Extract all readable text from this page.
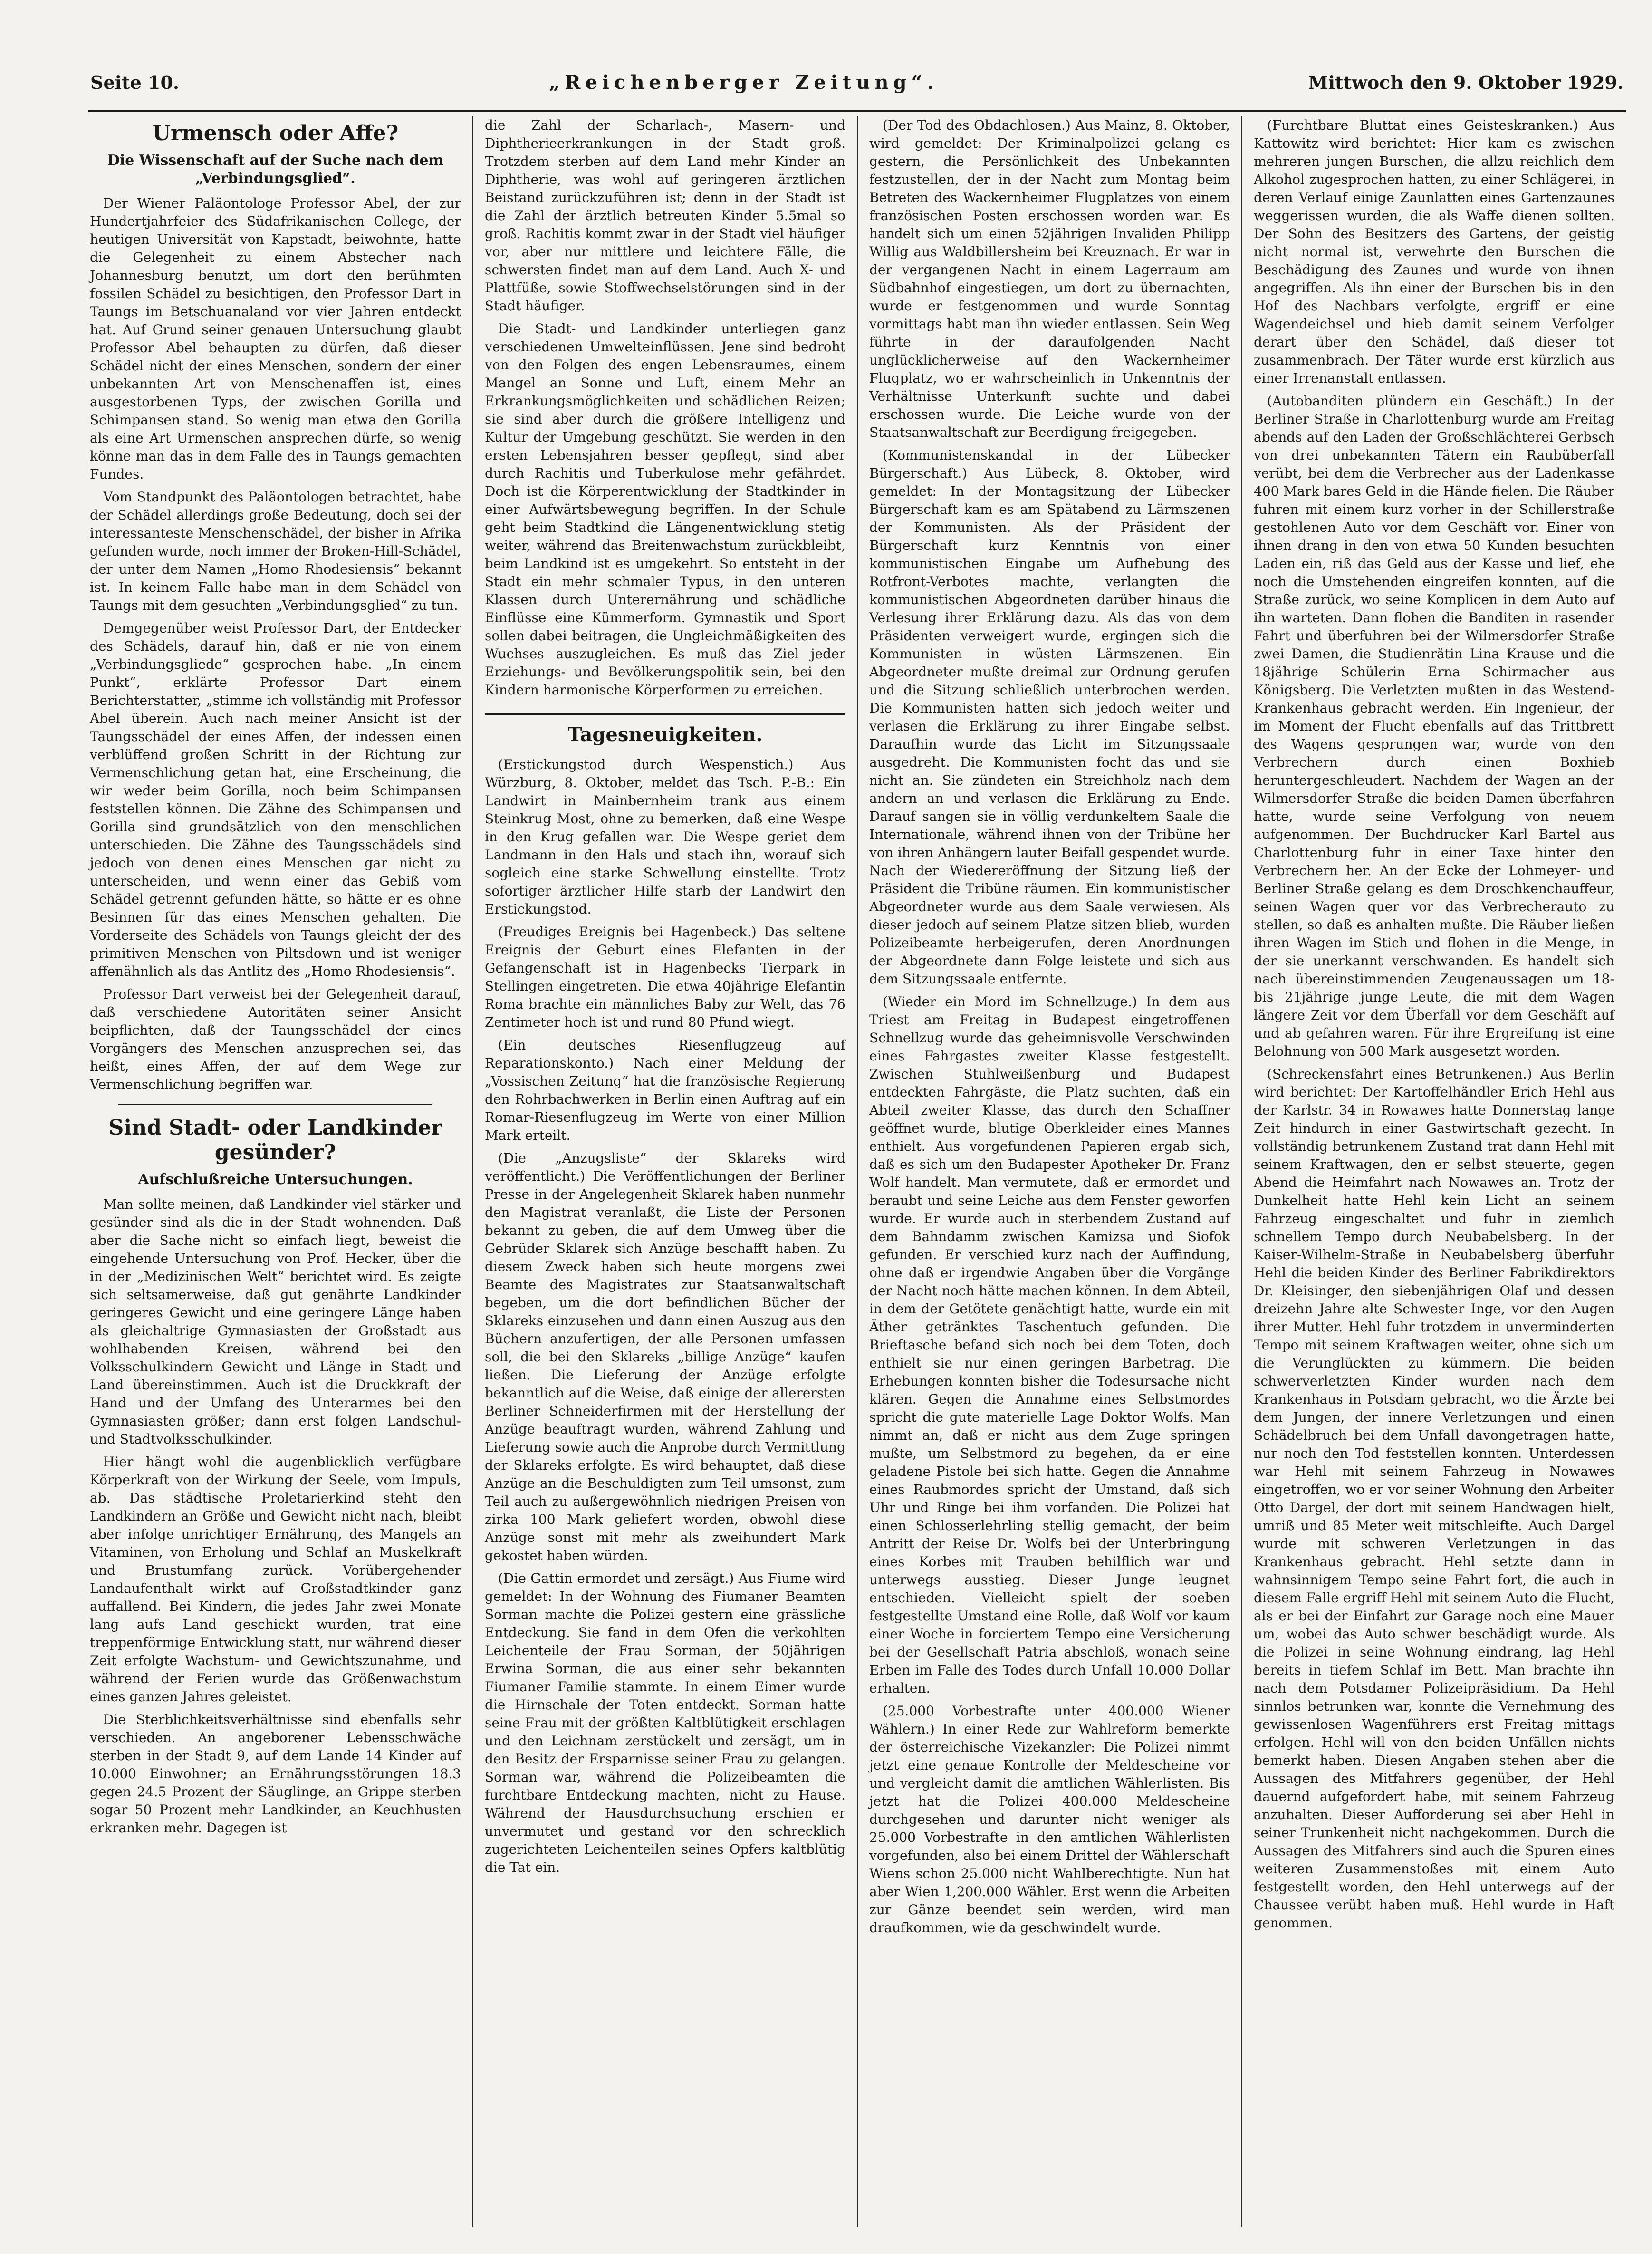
Seite 10.	„Reichenberger Zeitung“.	Mittwoch den 9. Oktober 1929.
Urmensch oder Affe?
Die Wissenschaft auf der Suche nach dem „Verbindungsglied“.

Der Wiener Paläontologe Professor Abel, der zur Hundertjahrfeier des Südafrikanischen College, der heutigen Universität von Kapstadt, beiwohnte, hatte die Gelegenheit zu einem Abstecher nach Johannesburg benutzt, um dort den berühmten fossilen Schädel zu besichtigen, den Professor Dart in Taungs im Betschuanaland vor vier Jahren entdeckt hat. Auf Grund seiner genauen Untersuchung glaubt Professor Abel behaupten zu dürfen, daß dieser Schädel nicht der eines Menschen, sondern der einer unbekannten Art von Menschenaffen ist, eines ausgestorbenen Typs, der zwischen Gorilla und Schimpansen stand. So wenig man etwa den Gorilla als eine Art Urmenschen ansprechen dürfe, so wenig könne man das in dem Falle des in Taungs gemachten Fundes.

Vom Standpunkt des Paläontologen betrachtet, habe der Schädel allerdings große Bedeutung, doch sei der interessanteste Menschenschädel, der bisher in Afrika gefunden wurde, noch immer der Broken-Hill-Schädel, der unter dem Namen „Homo Rhodesiensis“ bekannt ist. In keinem Falle habe man in dem Schädel von Taungs mit dem gesuchten „Verbindungsglied“ zu tun.

Demgegenüber weist Professor Dart, der Entdecker des Schädels, darauf hin, daß er nie von einem „Verbindungsgliede“ gesprochen habe. „In einem Punkt“, erklärte Professor Dart einem Berichterstatter, „stimme ich vollständig mit Professor Abel überein. Auch nach meiner Ansicht ist der Taungsschädel der eines Affen, der indessen einen verblüffend großen Schritt in der Richtung zur Vermenschlichung getan hat, eine Erscheinung, die wir weder beim Gorilla, noch beim Schimpansen feststellen können. Die Zähne des Schimpansen und Gorilla sind grundsätzlich von den menschlichen unterschieden. Die Zähne des Taungsschädels sind jedoch von denen eines Menschen gar nicht zu unterscheiden, und wenn einer das Gebiß vom Schädel getrennt gefunden hätte, so hätte er es ohne Besinnen für das eines Menschen gehalten. Die Vorderseite des Schädels von Taungs gleicht der des primitiven Menschen von Piltsdown und ist weniger affenähnlich als das Antlitz des „Homo Rhodesiensis“.

Professor Dart verweist bei der Gelegenheit darauf, daß verschiedene Autoritäten seiner Ansicht beipflichten, daß der Taungsschädel der eines Vorgängers des Menschen anzusprechen sei, das heißt, eines Affen, der auf dem Wege zur Vermenschlichung begriffen war.

Sind Stadt- oder Landkinder gesünder?
Aufschlußreiche Untersuchungen.

Man sollte meinen, daß Landkinder viel stärker und gesünder sind als die in der Stadt wohnenden. Daß aber die Sache nicht so einfach liegt, beweist die eingehende Untersuchung von Prof. Hecker, über die in der „Medizinischen Welt“ berichtet wird. Es zeigte sich seltsamerweise, daß gut genährte Landkinder geringeres Gewicht und eine geringere Länge haben als gleichaltrige Gymnasiasten der Großstadt aus wohlhabenden Kreisen, während bei den Volksschulkindern Gewicht und Länge in Stadt und Land übereinstimmen. Auch ist die Druckkraft der Hand und der Umfang des Unterarmes bei den Gymnasiasten größer; dann erst folgen Landschul- und Stadtvolksschulkinder.

Hier hängt wohl die augenblicklich verfügbare Körperkraft von der Wirkung der Seele, vom Impuls, ab. Das städtische Proletarierkind steht den Landkindern an Größe und Gewicht nicht nach, bleibt aber infolge unrichtiger Ernährung, des Mangels an Vitaminen, von Erholung und Schlaf an Muskelkraft und Brustumfang zurück. Vorübergehender Landaufenthalt wirkt auf Großstadtkinder ganz auffallend. Bei Kindern, die jedes Jahr zwei Monate lang aufs Land geschickt wurden, trat eine treppenförmige Entwicklung statt, nur während dieser Zeit erfolgte Wachstum- und Gewichtszunahme, und während der Ferien wurde das Größenwachstum eines ganzen Jahres geleistet.

Die Sterblichkeitsverhältnisse sind ebenfalls sehr verschieden. An angeborener Lebensschwäche sterben in der Stadt 9, auf dem Lande 14 Kinder auf 10.000 Einwohner; an Ernährungsstörungen 18.3 gegen 24.5 Prozent der Säuglinge, an Grippe sterben sogar 50 Prozent mehr Landkinder, an Keuchhusten erkranken mehr. Dagegen ist

die Zahl der Scharlach-, Masern- und Diphtherieerkrankungen in der Stadt groß. Trotzdem sterben auf dem Land mehr Kinder an Diphtherie, was wohl auf geringeren ärztlichen Beistand zurückzuführen ist; denn in der Stadt ist die Zahl der ärztlich betreuten Kinder 5.5mal so groß. Rachitis kommt zwar in der Stadt viel häufiger vor, aber nur mittlere und leichtere Fälle, die schwersten findet man auf dem Land. Auch X- und Plattfüße, sowie Stoffwechselstörungen sind in der Stadt häufiger.

Die Stadt- und Landkinder unterliegen ganz verschiedenen Umwelteinflüssen. Jene sind bedroht von den Folgen des engen Lebensraumes, einem Mangel an Sonne und Luft, einem Mehr an Erkrankungsmöglichkeiten und schädlichen Reizen; sie sind aber durch die größere Intelligenz und Kultur der Umgebung geschützt. Sie werden in den ersten Lebensjahren besser gepflegt, sind aber durch Rachitis und Tuberkulose mehr gefährdet. Doch ist die Körperentwicklung der Stadtkinder in einer Aufwärtsbewegung begriffen. In der Schule geht beim Stadtkind die Längenentwicklung stetig weiter, während das Breitenwachstum zurückbleibt, beim Landkind ist es umgekehrt. So entsteht in der Stadt ein mehr schmaler Typus, in den unteren Klassen durch Unterernährung und schädliche Einflüsse eine Kümmerform. Gymnastik und Sport sollen dabei beitragen, die Ungleichmäßigkeiten des Wuchses auszugleichen. Es muß das Ziel jeder Erziehungs- und Bevölkerungspolitik sein, bei den Kindern harmonische Körperformen zu erreichen.

Tagesneuigkeiten.

(Erstickungstod durch Wespenstich.) Aus Würzburg, 8. Oktober, meldet das Tsch. P.-B.: Ein Landwirt in Mainbernheim trank aus einem Steinkrug Most, ohne zu bemerken, daß eine Wespe in den Krug gefallen war. Die Wespe geriet dem Landmann in den Hals und stach ihn, worauf sich sogleich eine starke Schwellung einstellte. Trotz sofortiger ärztlicher Hilfe starb der Landwirt den Erstickungstod.

(Freudiges Ereignis bei Hagenbeck.) Das seltene Ereignis der Geburt eines Elefanten in der Gefangenschaft ist in Hagenbecks Tierpark in Stellingen eingetreten. Die etwa 40jährige Elefantin Roma brachte ein männliches Baby zur Welt, das 76 Zentimeter hoch ist und rund 80 Pfund wiegt.

(Ein deutsches Riesenflugzeug auf Reparationskonto.) Nach einer Meldung der „Vossischen Zeitung“ hat die französische Regierung den Rohrbachwerken in Berlin einen Auftrag auf ein Romar-Riesenflugzeug im Werte von einer Million Mark erteilt.

(Die „Anzugsliste“ der Sklareks wird veröffentlicht.) Die Veröffentlichungen der Berliner Presse in der Angelegenheit Sklarek haben nunmehr den Magistrat veranlaßt, die Liste der Personen bekannt zu geben, die auf dem Umweg über die Gebrüder Sklarek sich Anzüge beschafft haben. Zu diesem Zweck haben sich heute morgens zwei Beamte des Magistrates zur Staatsanwaltschaft begeben, um die dort befindlichen Bücher der Sklareks einzusehen und dann einen Auszug aus den Büchern anzufertigen, der alle Personen umfassen soll, die bei den Sklareks „billige Anzüge“ kaufen ließen. Die Lieferung der Anzüge erfolgte bekanntlich auf die Weise, daß einige der allerersten Berliner Schneiderfirmen mit der Herstellung der Anzüge beauftragt wurden, während Zahlung und Lieferung sowie auch die Anprobe durch Vermittlung der Sklareks erfolgte. Es wird behauptet, daß diese Anzüge an die Beschuldigten zum Teil umsonst, zum Teil auch zu außergewöhnlich niedrigen Preisen von zirka 100 Mark geliefert worden, obwohl diese Anzüge sonst mit mehr als zweihundert Mark gekostet haben würden.

(Die Gattin ermordet und zersägt.) Aus Fiume wird gemeldet: In der Wohnung des Fiumaner Beamten Sorman machte die Polizei gestern eine grässliche Entdeckung. Sie fand in dem Ofen die verkohlten Leichenteile der Frau Sorman, der 50jährigen Erwina Sorman, die aus einer sehr bekannten Fiumaner Familie stammte. In einem Eimer wurde die Hirnschale der Toten entdeckt. Sorman hatte seine Frau mit der größten Kaltblütigkeit erschlagen und den Leichnam zerstückelt und zersägt, um in den Besitz der Ersparnisse seiner Frau zu gelangen. Sorman war, während die Polizeibeamten die furchtbare Entdeckung machten, nicht zu Hause. Während der Hausdurchsuchung erschien er unvermutet und gestand vor den schrecklich zugerichteten Leichenteilen seines Opfers kaltblütig die Tat ein.

(Der Tod des Obdachlosen.) Aus Mainz, 8. Oktober, wird gemeldet: Der Kriminalpolizei gelang es gestern, die Persönlichkeit des Unbekannten festzustellen, der in der Nacht zum Montag beim Betreten des Wackernheimer Flugplatzes von einem französischen Posten erschossen worden war. Es handelt sich um einen 52jährigen Invaliden Philipp Willig aus Waldbillersheim bei Kreuznach. Er war in der vergangenen Nacht in einem Lagerraum am Südbahnhof eingestiegen, um dort zu übernachten, wurde er festgenommen und wurde Sonntag vormittags habt man ihn wieder entlassen. Sein Weg führte in der daraufolgenden Nacht unglücklicherweise auf den Wackernheimer Flugplatz, wo er wahrscheinlich in Unkenntnis der Verhältnisse Unterkunft suchte und dabei erschossen wurde. Die Leiche wurde von der Staatsanwaltschaft zur Beerdigung freigegeben.

(Kommunistenskandal in der Lübecker Bürgerschaft.) Aus Lübeck, 8. Oktober, wird gemeldet: In der Montagsitzung der Lübecker Bürgerschaft kam es am Spätabend zu Lärmszenen der Kommunisten. Als der Präsident der Bürgerschaft kurz Kenntnis von einer kommunistischen Eingabe um Aufhebung des Rotfront-Verbotes machte, verlangten die kommunistischen Abgeordneten darüber hinaus die Verlesung ihrer Erklärung dazu. Als das von dem Präsidenten verweigert wurde, ergingen sich die Kommunisten in wüsten Lärmszenen. Ein Abgeordneter mußte dreimal zur Ordnung gerufen und die Sitzung schließlich unterbrochen werden. Die Kommunisten hatten sich jedoch weiter und verlasen die Erklärung zu ihrer Eingabe selbst. Daraufhin wurde das Licht im Sitzungssaale ausgedreht. Die Kommunisten focht das und sie nicht an. Sie zündeten ein Streichholz nach dem andern an und verlasen die Erklärung zu Ende. Darauf sangen sie in völlig verdunkeltem Saale die Internationale, während ihnen von der Tribüne her von ihren Anhängern lauter Beifall gespendet wurde. Nach der Wiedereröffnung der Sitzung ließ der Präsident die Tribüne räumen. Ein kommunistischer Abgeordneter wurde aus dem Saale verwiesen. Als dieser jedoch auf seinem Platze sitzen blieb, wurden Polizeibeamte herbeigerufen, deren Anordnungen der Abgeordnete dann Folge leistete und sich aus dem Sitzungssaale entfernte.

(Wieder ein Mord im Schnellzuge.) In dem aus Triest am Freitag in Budapest eingetroffenen Schnellzug wurde das geheimnisvolle Verschwinden eines Fahrgastes zweiter Klasse festgestellt. Zwischen Stuhlweißenburg und Budapest entdeckten Fahrgäste, die Platz suchten, daß ein Abteil zweiter Klasse, das durch den Schaffner geöffnet wurde, blutige Oberkleider eines Mannes enthielt. Aus vorgefundenen Papieren ergab sich, daß es sich um den Budapester Apotheker Dr. Franz Wolf handelt. Man vermutete, daß er ermordet und beraubt und seine Leiche aus dem Fenster geworfen wurde. Er wurde auch in sterbendem Zustand auf dem Bahndamm zwischen Kamizsa und Siofok gefunden. Er verschied kurz nach der Auffindung, ohne daß er irgendwie Angaben über die Vorgänge der Nacht noch hätte machen können. In dem Abteil, in dem der Getötete genächtigt hatte, wurde ein mit Äther getränktes Taschentuch gefunden. Die Brieftasche befand sich noch bei dem Toten, doch enthielt sie nur einen geringen Barbetrag. Die Erhebungen konnten bisher die Todesursache nicht klären. Gegen die Annahme eines Selbstmordes spricht die gute materielle Lage Doktor Wolfs. Man nimmt an, daß er nicht aus dem Zuge springen mußte, um Selbstmord zu begehen, da er eine geladene Pistole bei sich hatte. Gegen die Annahme eines Raubmordes spricht der Umstand, daß sich Uhr und Ringe bei ihm vorfanden. Die Polizei hat einen Schlosserlehrling stellig gemacht, der beim Antritt der Reise Dr. Wolfs bei der Unterbringung eines Korbes mit Trauben behilflich war und unterwegs ausstieg. Dieser Junge leugnet entschieden. Vielleicht spielt der soeben festgestellte Umstand eine Rolle, daß Wolf vor kaum einer Woche in forciertem Tempo eine Versicherung bei der Gesellschaft Patria abschloß, wonach seine Erben im Falle des Todes durch Unfall 10.000 Dollar erhalten.

(25.000 Vorbestrafte unter 400.000 Wiener Wählern.) In einer Rede zur Wahlreform bemerkte der österreichische Vizekanzler: Die Polizei nimmt jetzt eine genaue Kontrolle der Meldescheine vor und vergleicht damit die amtlichen Wählerlisten. Bis jetzt hat die Polizei 400.000 Meldescheine durchgesehen und darunter nicht weniger als 25.000 Vorbestrafte in den amtlichen Wählerlisten vorgefunden, also bei einem Drittel der Wählerschaft Wiens schon 25.000 nicht Wahlberechtigte. Nun hat aber Wien 1,200.000 Wähler. Erst wenn die Arbeiten zur Gänze beendet sein werden, wird man draufkommen, wie da geschwindelt wurde.

(Furchtbare Bluttat eines Geisteskranken.) Aus Kattowitz wird berichtet: Hier kam es zwischen mehreren jungen Burschen, die allzu reichlich dem Alkohol zugesprochen hatten, zu einer Schlägerei, in deren Verlauf einige Zaunlatten eines Gartenzaunes weggerissen wurden, die als Waffe dienen sollten. Der Sohn des Besitzers des Gartens, der geistig nicht normal ist, verwehrte den Burschen die Beschädigung des Zaunes und wurde von ihnen angegriffen. Als ihn einer der Burschen bis in den Hof des Nachbars verfolgte, ergriff er eine Wagendeichsel und hieb damit seinem Verfolger derart über den Schädel, daß dieser tot zusammenbrach. Der Täter wurde erst kürzlich aus einer Irrenanstalt entlassen.

(Autobanditen plündern ein Geschäft.) In der Berliner Straße in Charlottenburg wurde am Freitag abends auf den Laden der Großschlächterei Gerbsch von drei unbekannten Tätern ein Raubüberfall verübt, bei dem die Verbrecher aus der Ladenkasse 400 Mark bares Geld in die Hände fielen. Die Räuber fuhren mit einem kurz vorher in der Schillerstraße gestohlenen Auto vor dem Geschäft vor. Einer von ihnen drang in den von etwa 50 Kunden besuchten Laden ein, riß das Geld aus der Kasse und lief, ehe noch die Umstehenden eingreifen konnten, auf die Straße zurück, wo seine Komplicen in dem Auto auf ihn warteten. Dann flohen die Banditen in rasender Fahrt und überfuhren bei der Wilmersdorfer Straße zwei Damen, die Studienrätin Lina Krause und die 18jährige Schülerin Erna Schirmacher aus Königsberg. Die Verletzten mußten in das Westend-Krankenhaus gebracht werden. Ein Ingenieur, der im Moment der Flucht ebenfalls auf das Trittbrett des Wagens gesprungen war, wurde von den Verbrechern durch einen Boxhieb heruntergeschleudert. Nachdem der Wagen an der Wilmersdorfer Straße die beiden Damen überfahren hatte, wurde seine Verfolgung von neuem aufgenommen. Der Buchdrucker Karl Bartel aus Charlottenburg fuhr in einer Taxe hinter den Verbrechern her. An der Ecke der Lohmeyer- und Berliner Straße gelang es dem Droschkenchauffeur, seinen Wagen quer vor das Verbrecherauto zu stellen, so daß es anhalten mußte. Die Räuber ließen ihren Wagen im Stich und flohen in die Menge, in der sie unerkannt verschwanden. Es handelt sich nach übereinstimmenden Zeugenaussagen um 18- bis 21jährige junge Leute, die mit dem Wagen längere Zeit vor dem Überfall vor dem Geschäft auf und ab gefahren waren. Für ihre Ergreifung ist eine Belohnung von 500 Mark ausgesetzt worden.

(Schreckensfahrt eines Betrunkenen.) Aus Berlin wird berichtet: Der Kartoffelhändler Erich Hehl aus der Karlstr. 34 in Rowawes hatte Donnerstag lange Zeit hindurch in einer Gastwirtschaft gezecht. In vollständig betrunkenem Zustand trat dann Hehl mit seinem Kraftwagen, den er selbst steuerte, gegen Abend die Heimfahrt nach Nowawes an. Trotz der Dunkelheit hatte Hehl kein Licht an seinem Fahrzeug eingeschaltet und fuhr in ziemlich schnellem Tempo durch Neubabelsberg. In der Kaiser-Wilhelm-Straße in Neubabelsberg überfuhr Hehl die beiden Kinder des Berliner Fabrikdirektors Dr. Kleisinger, den siebenjährigen Olaf und dessen dreizehn Jahre alte Schwester Inge, vor den Augen ihrer Mutter. Hehl fuhr trotzdem in unverminderten Tempo mit seinem Kraftwagen weiter, ohne sich um die Verunglückten zu kümmern. Die beiden schwerverletzten Kinder wurden nach dem Krankenhaus in Potsdam gebracht, wo die Ärzte bei dem Jungen, der innere Verletzungen und einen Schädelbruch bei dem Unfall davongetragen hatte, nur noch den Tod feststellen konnten. Unterdessen war Hehl mit seinem Fahrzeug in Nowawes eingetroffen, wo er vor seiner Wohnung den Arbeiter Otto Dargel, der dort mit seinem Handwagen hielt, umriß und 85 Meter weit mitschleifte. Auch Dargel wurde mit schweren Verletzungen in das Krankenhaus gebracht. Hehl setzte dann in wahnsinnigem Tempo seine Fahrt fort, die auch in diesem Falle ergriff Hehl mit seinem Auto die Flucht, als er bei der Einfahrt zur Garage noch eine Mauer um, wobei das Auto schwer beschädigt wurde. Als die Polizei in seine Wohnung eindrang, lag Hehl bereits in tiefem Schlaf im Bett. Man brachte ihn nach dem Potsdamer Polizeipräsidium. Da Hehl sinnlos betrunken war, konnte die Vernehmung des gewissenlosen Wagenführers erst Freitag mittags erfolgen. Hehl will von den beiden Unfällen nichts bemerkt haben. Diesen Angaben stehen aber die Aussagen des Mitfahrers gegenüber, der Hehl dauernd aufgefordert habe, mit seinem Fahrzeug anzuhalten. Dieser Aufforderung sei aber Hehl in seiner Trunkenheit nicht nachgekommen. Durch die Aussagen des Mitfahrers sind auch die Spuren eines weiteren Zusammenstoßes mit einem Auto festgestellt worden, den Hehl unterwegs auf der Chaussee verübt haben muß. Hehl wurde in Haft genommen.
